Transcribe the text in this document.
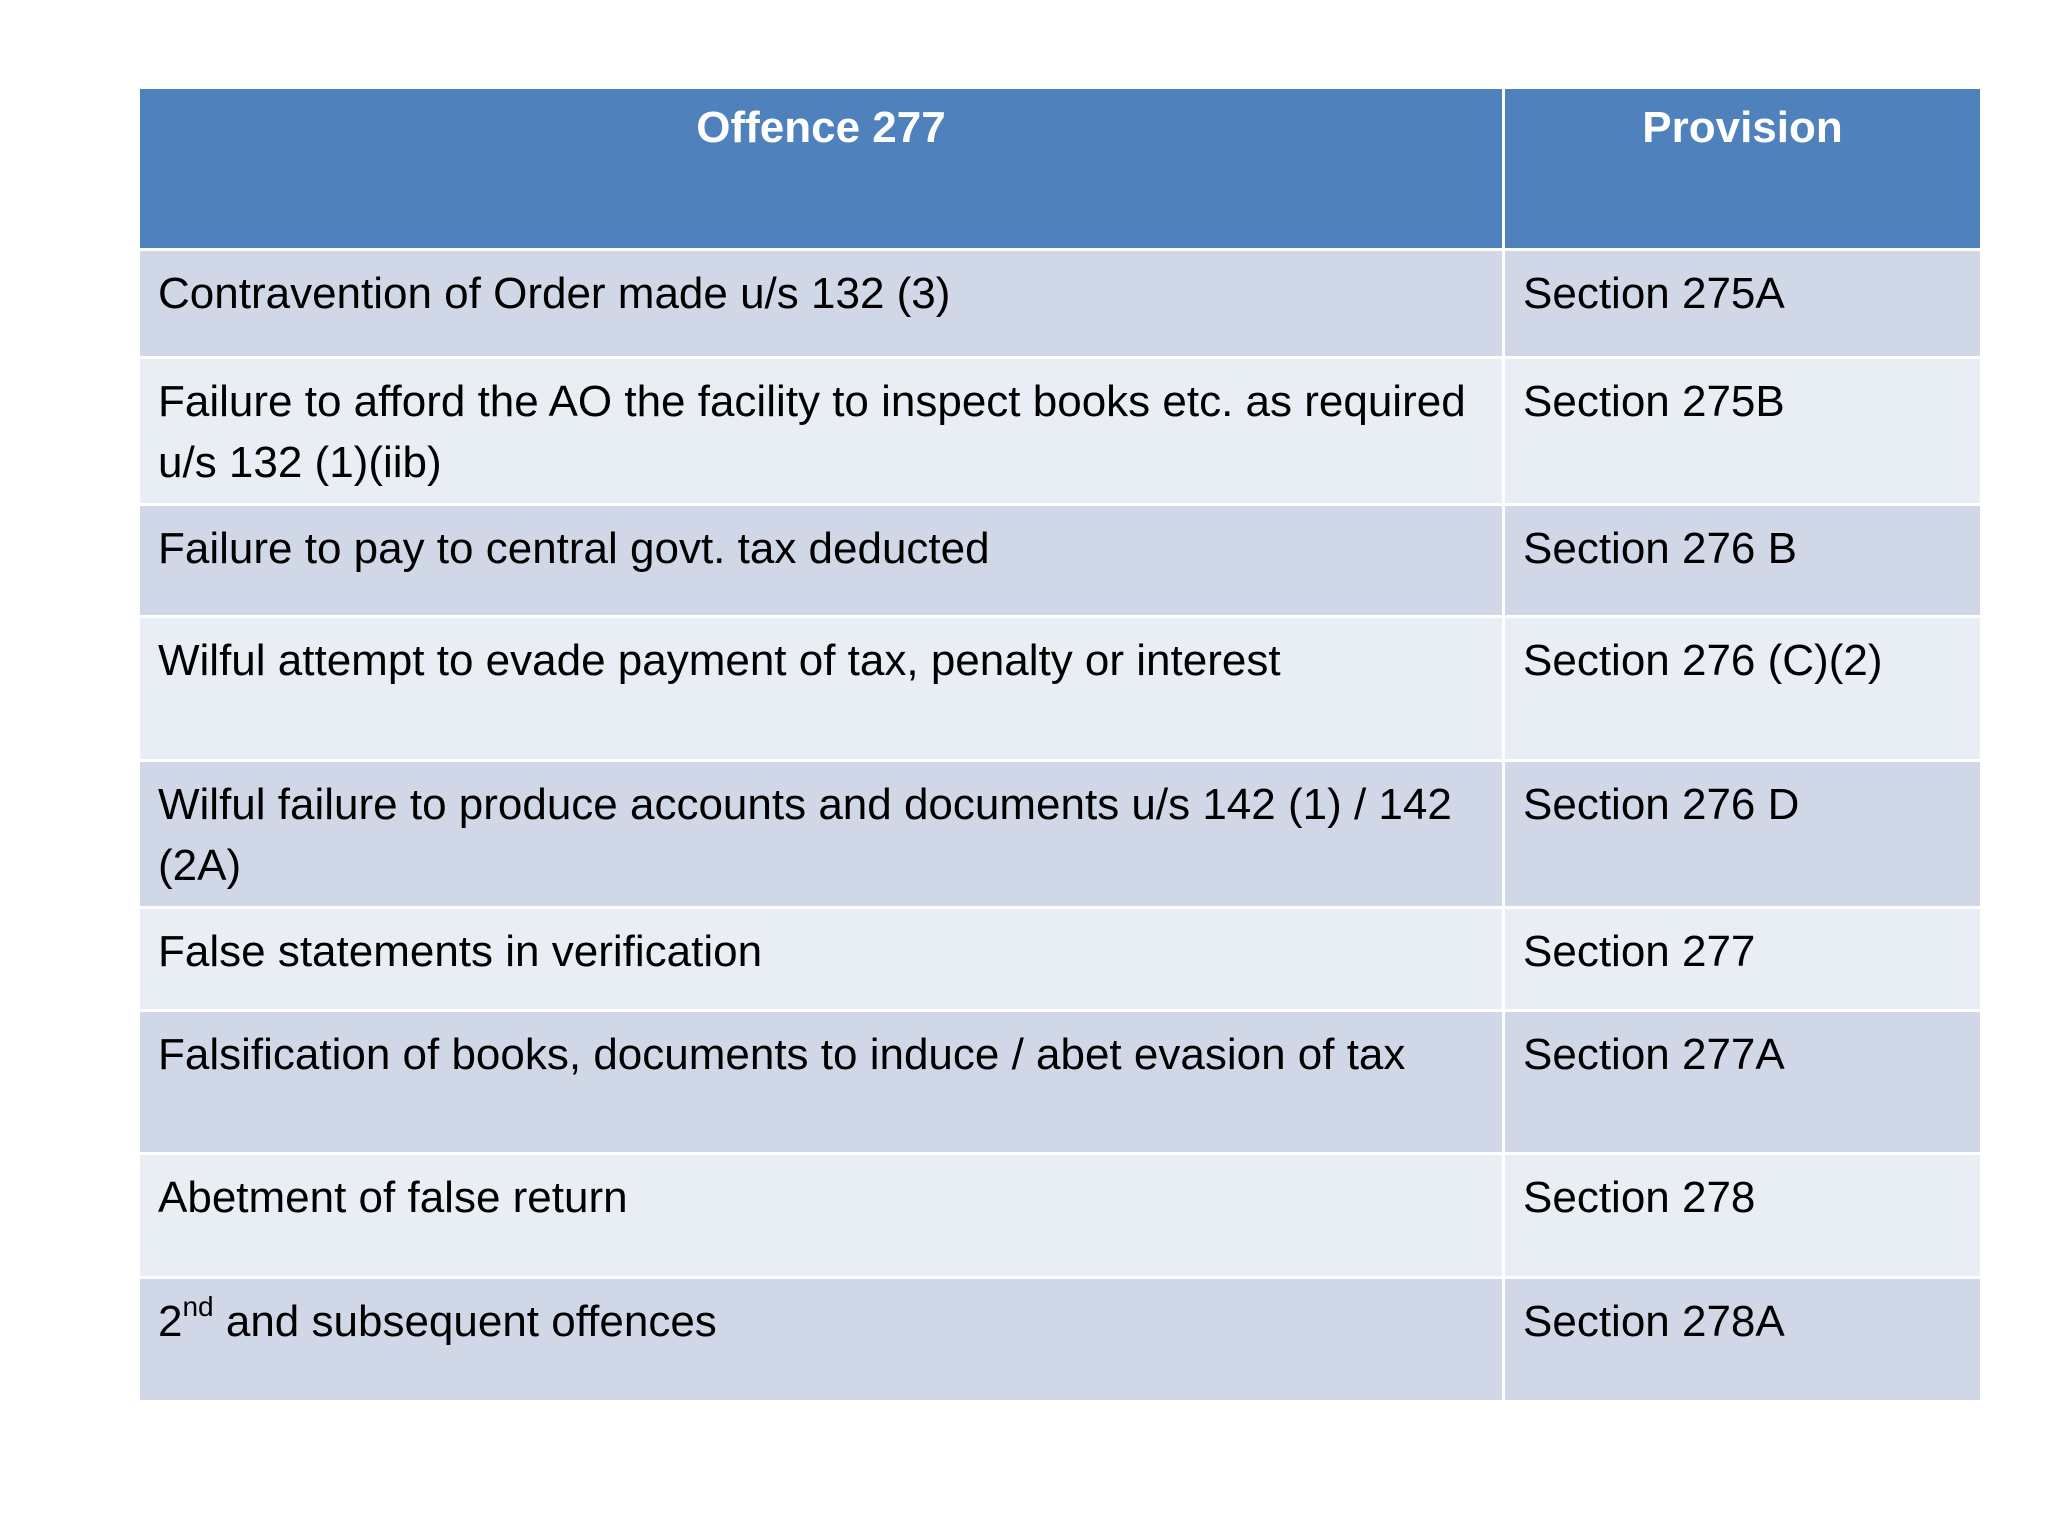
Offence 277	Provision
Contravention of Order made u/s 132 (3)	Section 275A
Failure to afford the AO the facility to inspect books etc. as required u/s 132 (1)(iib)	Section 275B
Failure to pay to central govt. tax deducted	Section 276 B
Wilful attempt to evade payment of tax, penalty or interest	Section 276 (C)(2)
Wilful failure to produce accounts and documents u/s 142 (1) / 142 (2A)	Section 276 D
False statements in verification	Section 277
Falsification of books, documents to induce / abet evasion of tax	Section 277A
Abetment of false return	Section 278
2nd and subsequent offences	Section 278A
